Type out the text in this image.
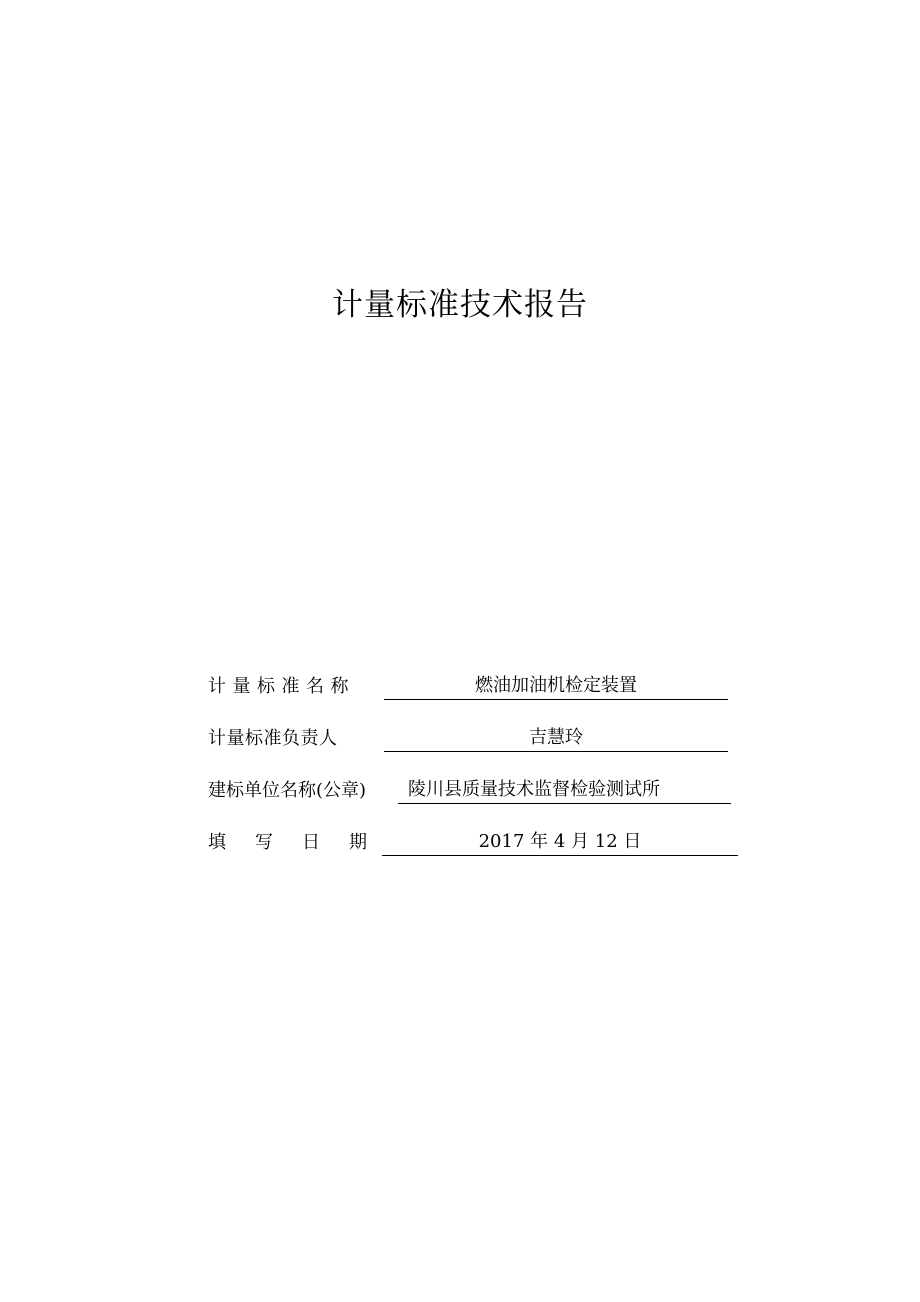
计量标准技术报告
计量标准名称	燃油加油机检定装置
计量标准负责人	吉慧玲
建标单位名称(公章)	陵川县质量技术监督检验测试所
填写日期	2017 年 4 月 12 日
